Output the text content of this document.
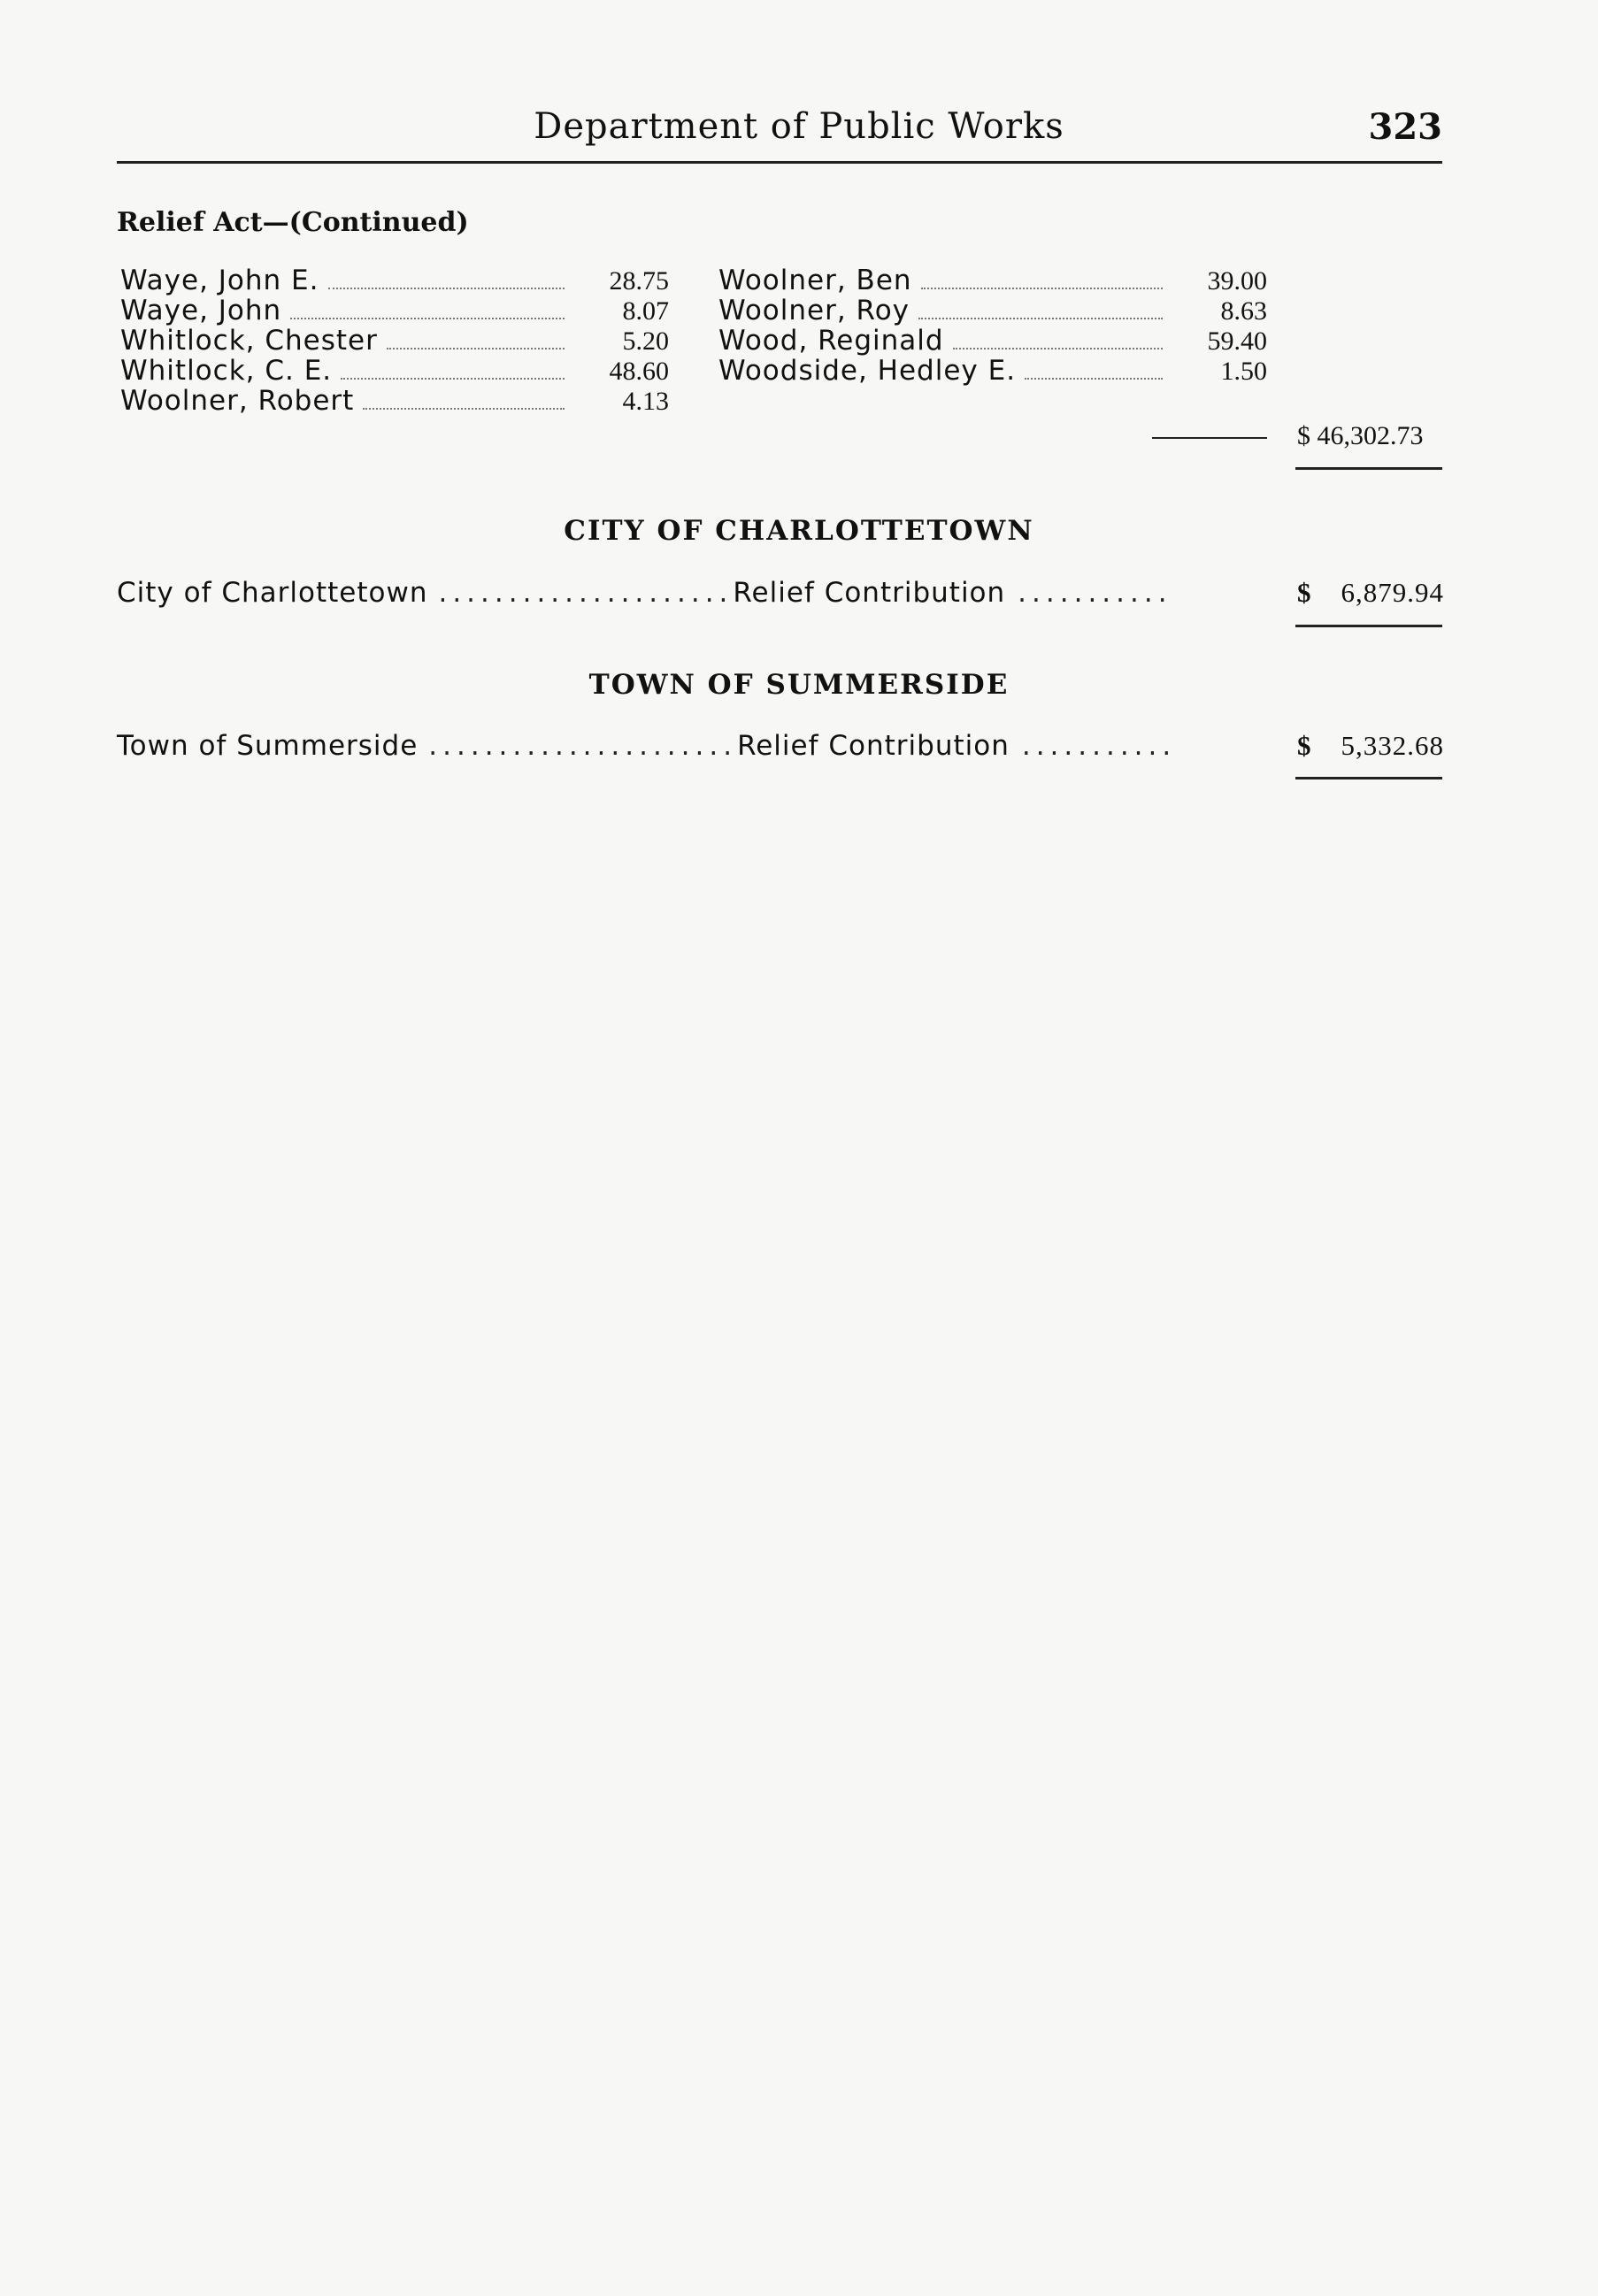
Department of Public Works	323
Relief Act—(Continued)
Waye, John E.	28.75
Waye, John	8.07
Whitlock, Chester	5.20
Whitlock, C. E.	48.60
Woolner, Robert	4.13
Woolner, Ben	39.00
Woolner, Roy	8.63
Wood, Reginald	59.40
Woodside, Hedley E.	1.50
$ 46,302.73
CITY OF CHARLOTTETOWN
City of Charlottetown ..................... Relief Contribution ...........	$ 6,879.94
TOWN OF SUMMERSIDE
Town of Summerside ...................... Relief Contribution ...........	$ 5,332.68
